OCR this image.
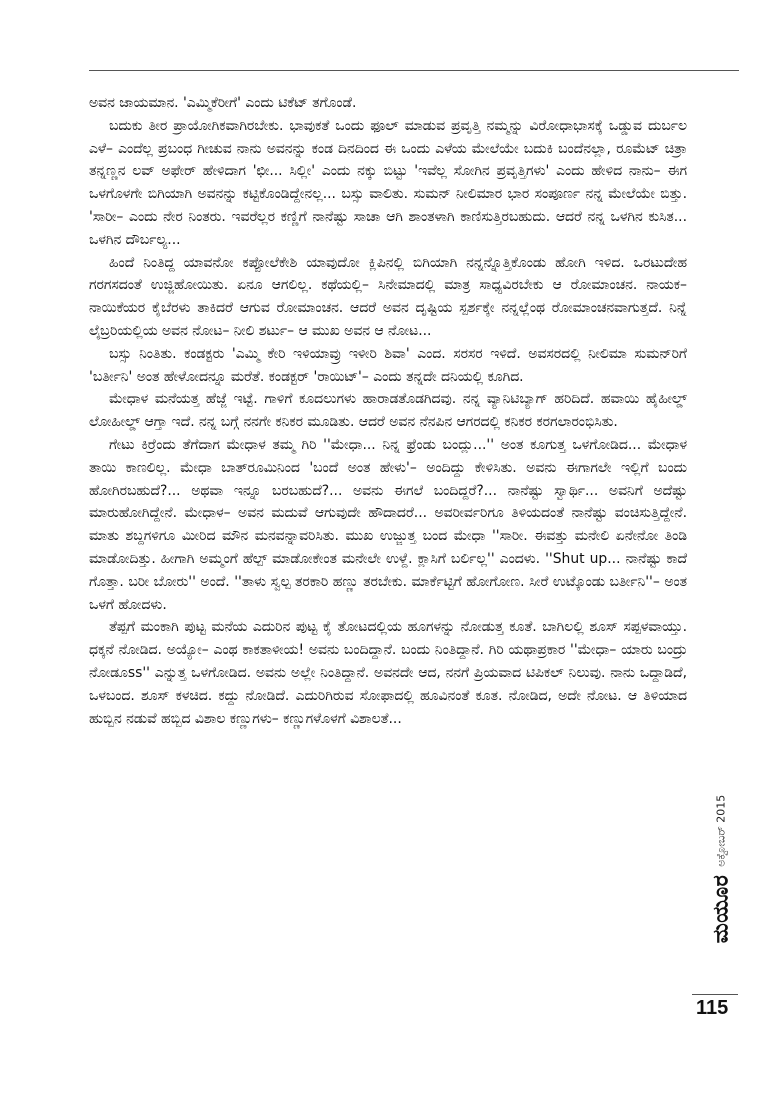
ಅವನ ಜಾಯಮಾನ. 'ಎಮ್ಮಿಕೆರೀಗೆ' ಎಂದು ಟಿಕೆಟ್ ತಗೊಂಡೆ.

ಬದುಕು ತೀರ ಪ್ರಾಯೋಗಿಕವಾಗಿರಬೇಕು. ಭಾವುಕತೆ ಒಂದು ಫೂಲ್ ಮಾಡುವ ಪ್ರವೃತ್ತಿ ನಮ್ಮನ್ನು ವಿರೋಧಾಭಾಸಕ್ಕೆ ಒಡ್ಡುವ ದುರ್ಬಲ ಎಳೆ– ಎಂದೆಲ್ಲ ಪ್ರಬಂಧ ಗೀಚುವ ನಾನು ಅವನನ್ನು ಕಂಡ ದಿನದಿಂದ ಈ ಒಂದು ಎಳೆಯ ಮೇಲೆಯೇ ಬದುಕಿ ಬಂದೆನಲ್ಲಾ, ರೂಮೆಟ್ ಚಿತ್ರಾ ತನ್ನಣ್ಣನ ಲವ್ ಅಫೇರ್ ಹೇಳಿದಾಗ 'ಛೀ... ಸಿಲ್ಲೀ' ಎಂದು ನಕ್ಕು ಬಿಟ್ಟು 'ಇವೆಲ್ಲ ಸೋಗಿನ ಪ್ರವೃತ್ತಿಗಳು' ಎಂದು ಹೇಳಿದ ನಾನು– ಈಗ ಒಳಗೊಳಗೇ ಬಿಗಿಯಾಗಿ ಅವನನ್ನು ಕಟ್ಟಿಕೊಂಡಿದ್ದೇನಲ್ಲ... ಬಸ್ಸು ವಾಲಿತು. ಸುಮನ್ ನೀಲಿಮಾರ ಭಾರ ಸಂಪೂರ್ಣ ನನ್ನ ಮೇಲೆಯೇ ಬಿತ್ತು. 'ಸಾರೀ– ಎಂದು ನೇರ ನಿಂತರು. ಇವರೆಲ್ಲರ ಕಣ್ಣಿಗೆ ನಾನೆಷ್ಟು ಸಾಚಾ ಆಗಿ ಶಾಂತಳಾಗಿ ಕಾಣಿಸುತ್ತಿರಬಹುದು. ಆದರೆ ನನ್ನ ಒಳಗಿನ ಕುಸಿತ... ಒಳಗಿನ ದೌರ್ಬಲ್ಯ...

ಹಿಂದೆ ನಿಂತಿದ್ದ ಯಾವನೋ ಕಪ್ಪೋಲೆಕೇಶಿ ಯಾವುದೋ ಕ್ಲಿಪಿನಲ್ಲಿ ಬಿಗಿಯಾಗಿ ನನ್ನನ್ನೊತ್ತಿಕೊಂಡು ಹೋಗಿ ಇಳಿದ. ಒರಟುದೇಹ ಗರಗಸದಂತೆ ಉಜ್ಜಿಹೋಯಿತು. ಏನೂ ಆಗಲಿಲ್ಲ. ಕಥೆಯಲ್ಲಿ– ಸಿನೇಮಾದಲ್ಲಿ ಮಾತ್ರ ಸಾಧ್ಯವಿರಬೇಕು ಆ ರೋಮಾಂಚನ. ನಾಯಕ–ನಾಯಿಕೆಯರ ಕೈಬೆರಳು ತಾಕಿದರೆ ಆಗುವ ರೋಮಾಂಚನ. ಆದರೆ ಅವನ ದೃಷ್ಟಿಯ ಸ್ಪರ್ಶಕ್ಕೇ ನನ್ನಲ್ಲೆಂಥ ರೋಮಾಂಚನವಾಗುತ್ತದೆ. ನಿನ್ನೆ ಲೈಬ್ರರಿಯಲ್ಲಿಯ ಅವನ ನೋಟ– ನೀಲಿ ಶರ್ಟು– ಆ ಮುಖ ಅವನ ಆ ನೋಟ...

ಬಸ್ಸು ನಿಂತಿತು. ಕಂಡಕ್ಟರು 'ಎಮ್ಮಿ ಕೇರಿ ಇಳಿಯಾವ್ರು ಇಳೀರಿ ಶಿವಾ' ಎಂದ. ಸರಸರ ಇಳಿದೆ. ಅವಸರದಲ್ಲಿ ನೀಲಿಮಾ ಸುಮನ್‌ರಿಗೆ 'ಬರ್ತೀನಿ' ಅಂತ ಹೇಳೋದನ್ನೂ ಮರೆತೆ. ಕಂಡಕ್ಟರ್ 'ರಾಯಿಟ್'– ಎಂದು ತನ್ನದೇ ದನಿಯಲ್ಲಿ ಕೂಗಿದ.

ಮೇಧಾಳ ಮನೆಯತ್ತ ಹೆಜ್ಜೆ ಇಟ್ಟೆ. ಗಾಳಿಗೆ ಕೂದಲುಗಳು ಹಾರಾಡತೊಡಗಿದವು. ನನ್ನ ವ್ಯಾನಿಟಿಬ್ಯಾಗ್ ಹರಿದಿದೆ. ಹವಾಯಿ ಹೈಹೀಲ್ಡ್ ಲೋಹೀಲ್ಡ್ ಆಗ್ತಾ ಇದೆ. ನನ್ನ ಬಗ್ಗೆ ನನಗೇ ಕನಿಕರ ಮೂಡಿತು. ಆದರೆ ಅವನ ನೆನಪಿನ ಆಗರದಲ್ಲಿ ಕನಿಕರ ಕರಗಲಾರಂಭಿಸಿತು.

ಗೇಟು ಕಿರ್ರೆಂದು ತೆಗೆದಾಗ ಮೇಧಾಳ ತಮ್ಮ ಗಿರಿ ''ಮೇಧಾ... ನಿನ್ನ ಫ್ರೆಂಡು ಬಂದ್ಲು...'' ಅಂತ ಕೂಗುತ್ತ ಒಳಗೋಡಿದ... ಮೇಧಾಳ ತಾಯಿ ಕಾಣಲಿಲ್ಲ. ಮೇಧಾ ಬಾತ್‌ರೂಮಿನಿಂದ 'ಬಂದೆ ಅಂತ ಹೇಳು'– ಅಂದಿದ್ದು ಕೇಳಿಸಿತು. ಅವನು ಈಗಾಗಲೇ ಇಲ್ಲಿಗೆ ಬಂದು ಹೋಗಿರಬಹುದೆ?... ಅಥವಾ ಇನ್ನೂ ಬರಬಹುದೆ?... ಅವನು ಈಗಲೆ ಬಂದಿದ್ದರೆ?... ನಾನೆಷ್ಟು ಸ್ವಾರ್ಥಿ... ಅವನಿಗೆ ಅದೆಷ್ಟು ಮಾರುಹೋಗಿದ್ದೇನೆ. ಮೇಧಾಳ– ಅವನ ಮದುವೆ ಆಗುವುದೇ ಹೌದಾದರೆ... ಅವರೀರ್ವರಿಗೂ ತಿಳಿಯದಂತೆ ನಾನೆಷ್ಟು ವಂಚಿಸುತ್ತಿದ್ದೇನೆ. ಮಾತು ಶಬ್ದಗಳಿಗೂ ಮೀರಿದ ಮೌನ ಮನವನ್ನಾವರಿಸಿತು. ಮುಖ ಉಜ್ಜುತ್ತ ಬಂದ ಮೇಧಾ ''ಸಾರೀ. ಈವತ್ತು ಮನೇಲಿ ಏನೇನೋ ತಿಂಡಿ ಮಾಡೋದಿತ್ತು. ಹೀಗಾಗಿ ಅಮ್ಮಂಗೆ ಹೆಲ್ಪ್ ಮಾಡೋಕೇಂತ ಮನೇಲೇ ಉಳ್ದೆ. ಕ್ಲಾಸಿಗೆ ಬರ್ಲಿಲ್ಲ'' ಎಂದಳು. ''Shut up... ನಾನೆಷ್ಟು ಕಾದೆ ಗೊತ್ತಾ. ಬರೀ ಬೋರು'' ಅಂದೆ. ''ತಾಳು ಸ್ವಲ್ಪ ತರಕಾರಿ ಹಣ್ಣು ತರಬೇಕು. ಮಾರ್ಕೆಟ್ಟಿಗೆ ಹೋಗೋಣ. ಸೀರೆ ಉಟ್ಕೊಂಡು ಬರ್ತೀನಿ''– ಅಂತ ಒಳಗೆ ಹೋದಳು.

ತೆಪ್ಪಗೆ ಮಂಕಾಗಿ ಪುಟ್ಟ ಮನೆಯ ಎದುರಿನ ಪುಟ್ಟ ಕೈ ತೋಟದಲ್ಲಿಯ ಹೂಗಳನ್ನು ನೋಡುತ್ತ ಕೂತೆ. ಬಾಗಿಲಲ್ಲಿ ಶೂಸ್ ಸಪ್ಪಳವಾಯ್ತು. ಧಕ್ಕನೆ ನೋಡಿದ. ಅಯ್ಯೋ– ಎಂಥ ಕಾಕತಾಳೀಯ! ಅವನು ಬಂದಿದ್ದಾನೆ. ಬಂದು ನಿಂತಿದ್ದಾನೆ. ಗಿರಿ ಯಥಾಪ್ರಕಾರ ''ಮೇಧಾ– ಯಾರು ಬಂದ್ರು ನೋಡೂss'' ಎನ್ನುತ್ತ ಒಳಗೋಡಿದ. ಅವನು ಅಲ್ಲೇ ನಿಂತಿದ್ದಾನೆ. ಅವನದೇ ಆದ, ನನಗೆ ಪ್ರಿಯವಾದ ಟಿಪಿಕಲ್ ನಿಲುವು. ನಾನು ಒದ್ದಾಡಿದೆ, ಒಳಬಂದ. ಶೂಸ್ ಕಳಚಿದ. ಕದ್ದು ನೋಡಿದೆ. ಎದುರಿಗಿರುವ ಸೋಫಾದಲ್ಲಿ ಹೂವಿನಂತೆ ಕೂತ. ನೋಡಿದ, ಅದೇ ನೋಟ. ಆ ತಿಳಿಯಾದ ಹುಬ್ಬಿನ ನಡುವೆ ಹಬ್ಬಿದ ವಿಶಾಲ ಕಣ್ಣುಗಳು– ಕಣ್ಣುಗಳೊಳಗೆ ವಿಶಾಲತೆ...

ಮಯೂರ
ಅಕ್ಟೋಬರ್ 2015
115
